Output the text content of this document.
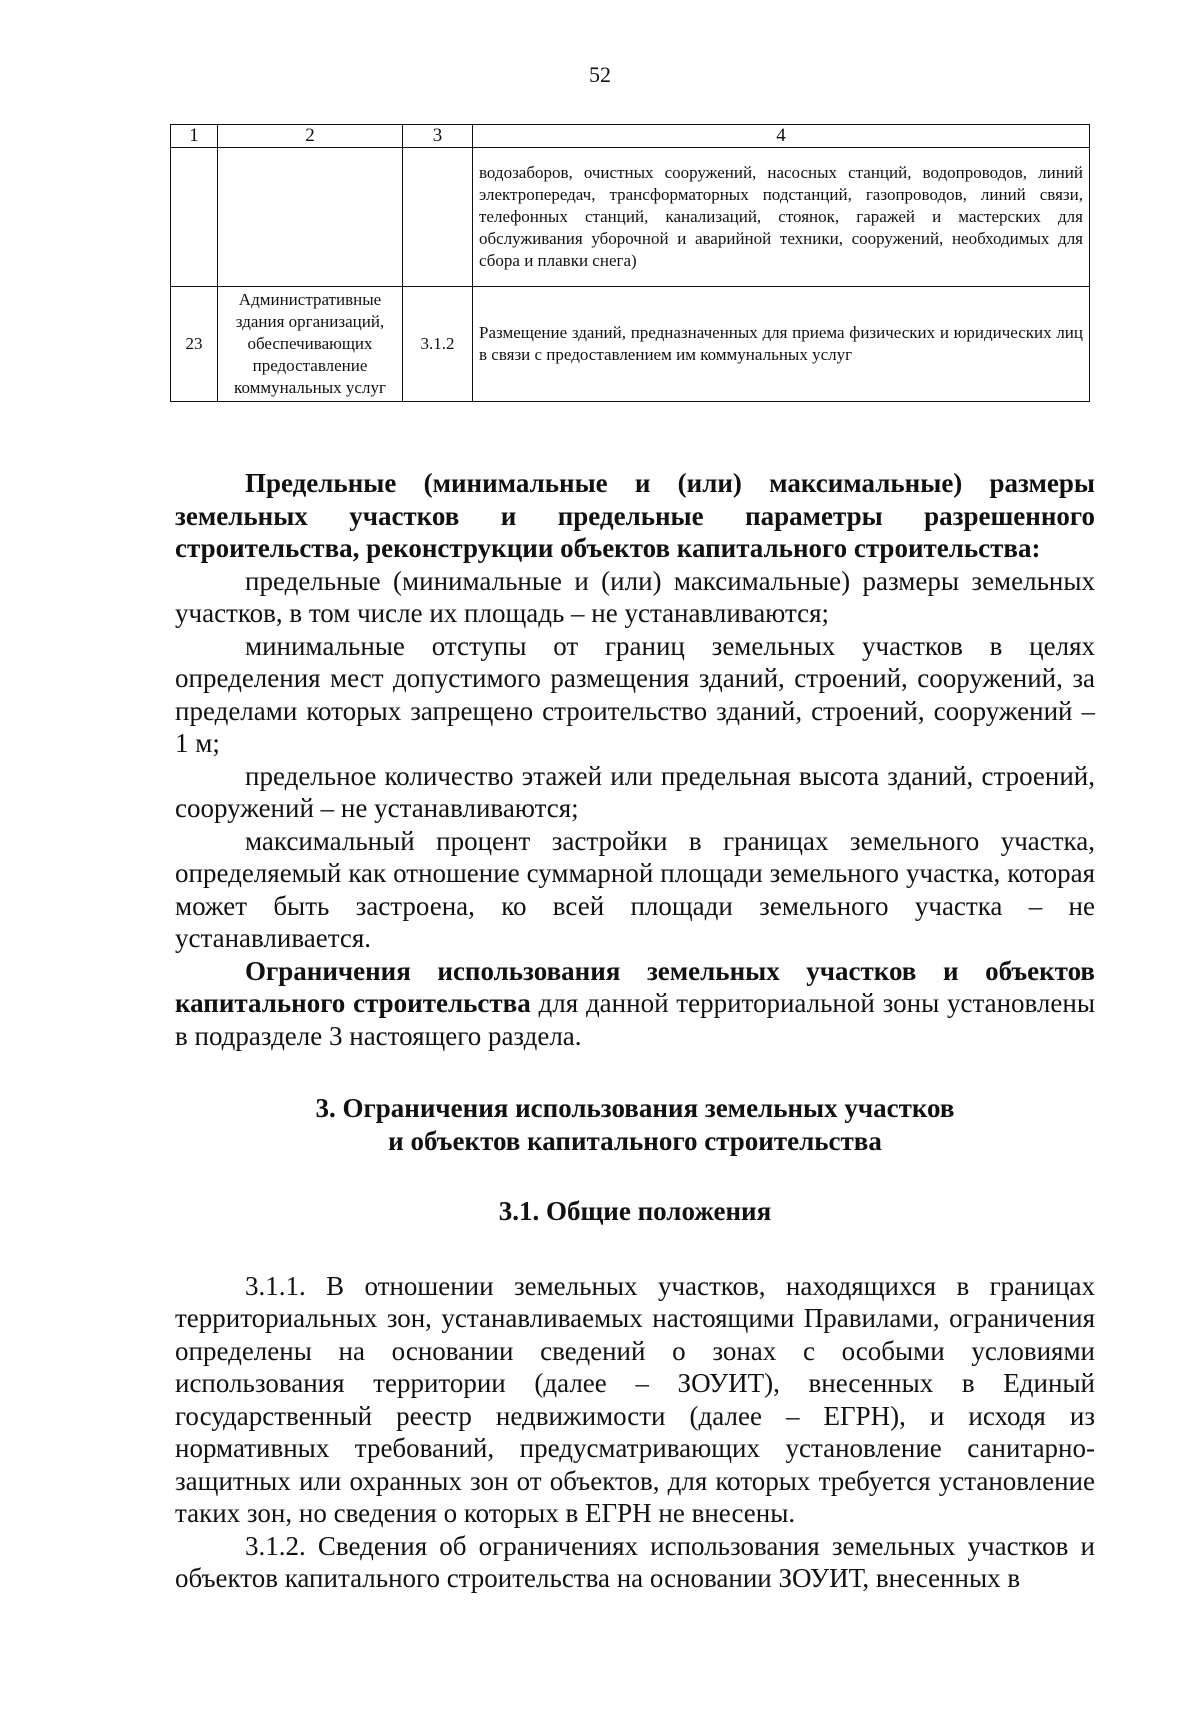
52
1	2	3	4
			водозаборов, очистных сооружений, насосных станций, водопроводов, линий электропередач, трансформаторных подстанций, газопроводов, линий связи, телефонных станций, канализаций, стоянок, гаражей и мастерских для обслуживания уборочной и аварийной техники, сооружений, необходимых для сбора и плавки снега)
23	Административные здания организаций, обеспечивающих предоставление коммунальных услуг	3.1.2	Размещение зданий, предназначенных для приема физических и юридических лиц в связи с предоставлением им коммунальных услуг

Предельные (минимальные и (или) максимальные) размеры земельных участков и предельные параметры разрешенного строительства, реконструкции объектов капитального строительства:

предельные (минимальные и (или) максимальные) размеры земельных участков, в том числе их площадь – не устанавливаются;

минимальные отступы от границ земельных участков в целях определения мест допустимого размещения зданий, строений, сооружений, за пределами которых запрещено строительство зданий, строений, сооружений – 1 м;

предельное количество этажей или предельная высота зданий, строений, сооружений – не устанавливаются;

максимальный процент застройки в границах земельного участка, определяемый как отношение суммарной площади земельного участка, которая может быть застроена, ко всей площади земельного участка – не устанавливается.

Ограничения использования земельных участков и объектов капитального строительства для данной территориальной зоны установлены в подразделе 3 настоящего раздела.

3. Ограничения использования земельных участков
и объектов капитального строительства

3.1. Общие положения

3.1.1. В отношении земельных участков, находящихся в границах территориальных зон, устанавливаемых настоящими Правилами, ограничения определены на основании сведений о зонах с особыми условиями использования территории (далее – ЗОУИТ), внесенных в Единый государственный реестр недвижимости (далее – ЕГРН), и исходя из нормативных требований, предусматривающих установление санитарно-защитных или охранных зон от объектов, для которых требуется установление таких зон, но сведения о которых в ЕГРН не внесены.

3.1.2. Сведения об ограничениях использования земельных участков и объектов капитального строительства на основании ЗОУИТ, внесенных в
